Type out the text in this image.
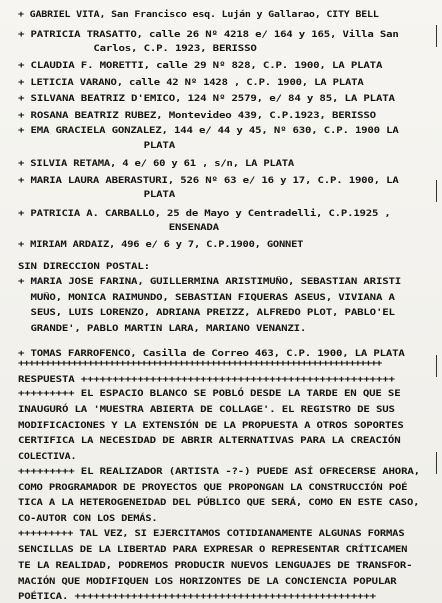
+ GABRIEL VITA, San Francisco esq. Luján y Gallarao, CITY BELL
+ PATRICIA TRASATTO, calle 26 Nº 4218 e/ 164 y 165, Villa San
Carlos, C.P. 1923, BERISSO
+ CLAUDIA F. MORETTI, calle 29 Nº 828, C.P. 1900, LA PLATA
+ LETICIA VARANO, calle 42 Nº 1428 , C.P. 1900, LA PLATA
+ SILVANA BEATRIZ D'EMICO, 124 Nº 2579, e/ 84 y 85, LA PLATA
+ ROSANA BEATRIZ RUBEZ, Montevideo 439, C.P.1923, BERISSO
+ EMA GRACIELA GONZALEZ, 144 e/ 44 y 45, Nº 630, C.P. 1900 LA
PLATA
+ SILVIA RETAMA, 4 e/ 60 y 61 , s/n, LA PLATA
+ MARIA LAURA ABERASTURI, 526 Nº 63 e/ 16 y 17, C.P. 1900, LA
PLATA
+ PATRICIA A. CARBALLO, 25 de Mayo y Centradelli, C.P.1925 ,
ENSENADA
+ MIRIAM ARDAIZ, 496 e/ 6 y 7, C.P.1900, GONNET
SIN DIRECCION POSTAL:
+ MARIA JOSE FARINA, GUILLERMINA ARISTIMUÑO, SEBASTIAN ARISTI
MUÑO, MONICA RAIMUNDO, SEBASTIAN FIQUERAS ASEUS, VIVIANA A
SEUS, LUIS LORENZO, ADRIANA PREIZZ, ALFREDO PLOT, PABLO'EL
GRANDE', PABLO MARTIN LARA, MARIANO VENANZI.
+ TOMAS FARROFENCO, Casilla de Correo 463, C.P. 1900, LA PLATA
++++++++++++++++++++++++++++++++++++++++++++++++++++++++++++++++++++
RESPUESTA ++++++++++++++++++++++++++++++++++++++++++++++++++
+++++++++ EL ESPACIO BLANCO SE POBLÓ DESDE LA TARDE EN QUE SE
INAUGURÓ LA 'MUESTRA ABIERTA DE COLLAGE'. EL REGISTRO DE SUS
MODIFICACIONES Y LA EXTENSIÓN DE LA PROPUESTA A OTROS SOPORTES
CERTIFICA LA NECESIDAD DE ABRIR ALTERNATIVAS PARA LA CREACIÓN
COLECTIVA.
+++++++++ EL REALIZADOR (ARTISTA -?-) PUEDE ASÍ OFRECERSE AHORA,
COMO PROGRAMADOR DE PROYECTOS QUE PROPONGAN LA CONSTRUCCIÓN POÉ
TICA A LA HETEROGENEIDAD DEL PÚBLICO QUE SERÁ, COMO EN ESTE CASO,
CO-AUTOR CON LOS DEMÁS.
+++++++++ TAL VEZ, SI EJERCITAMOS COTIDIANAMENTE ALGUNAS FORMAS
SENCILLAS DE LA LIBERTAD PARA EXPRESAR O REPRESENTAR CRÍTICAMEN
TE LA REALIDAD, PODREMOS PRODUCIR NUEVOS LENGUAJES DE TRANSFOR-
MACIÓN QUE MODIFIQUEN LOS HORIZONTES DE LA CONCIENCIA POPULAR
POÉTICA. ++++++++++++++++++++++++++++++++++++++++++++++++
